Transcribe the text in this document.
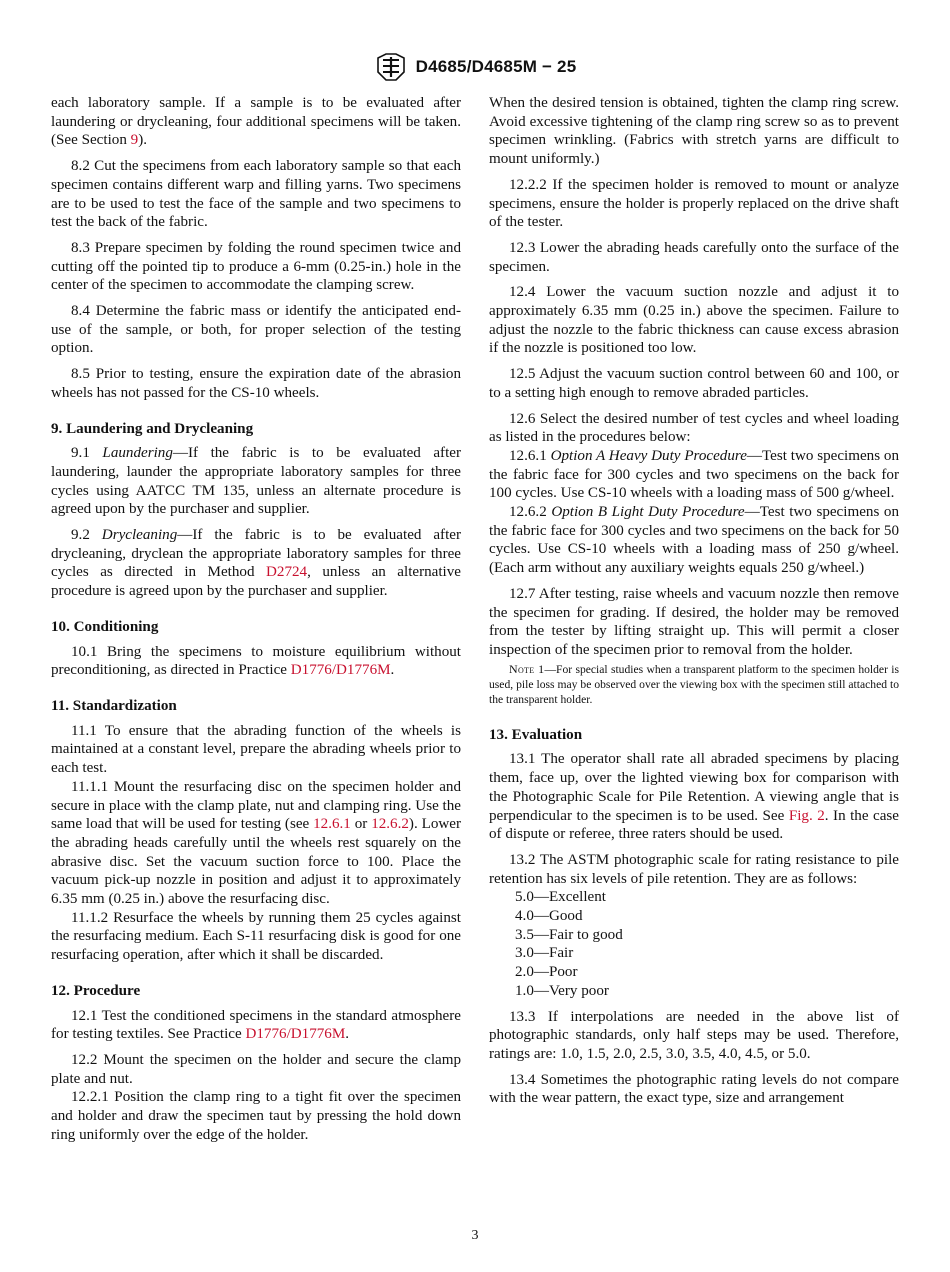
D4685/D4685M − 25

each laboratory sample. If a sample is to be evaluated after laundering or drycleaning, four additional specimens will be taken. (See Section 9).

8.2 Cut the specimens from each laboratory sample so that each specimen contains different warp and filling yarns. Two specimens are to be used to test the face of the sample and two specimens to test the back of the fabric.

8.3 Prepare specimen by folding the round specimen twice and cutting off the pointed tip to produce a 6-mm (0.25-in.) hole in the center of the specimen to accommodate the clamping screw.

8.4 Determine the fabric mass or identify the anticipated end-use of the sample, or both, for proper selection of the testing option.

8.5 Prior to testing, ensure the expiration date of the abrasion wheels has not passed for the CS-10 wheels.

9. Laundering and Drycleaning

9.1 Laundering—If the fabric is to be evaluated after laundering, launder the appropriate laboratory samples for three cycles using AATCC TM 135, unless an alternate procedure is agreed upon by the purchaser and supplier.

9.2 Drycleaning—If the fabric is to be evaluated after drycleaning, dryclean the appropriate laboratory samples for three cycles as directed in Method D2724, unless an alternative procedure is agreed upon by the purchaser and supplier.

10. Conditioning

10.1 Bring the specimens to moisture equilibrium without preconditioning, as directed in Practice D1776/D1776M.

11. Standardization

11.1 To ensure that the abrading function of the wheels is maintained at a constant level, prepare the abrading wheels prior to each test.

11.1.1 Mount the resurfacing disc on the specimen holder and secure in place with the clamp plate, nut and clamping ring. Use the same load that will be used for testing (see 12.6.1 or 12.6.2). Lower the abrading heads carefully until the wheels rest squarely on the abrasive disc. Set the vacuum suction force to 100. Place the vacuum pick-up nozzle in position and adjust it to approximately 6.35 mm (0.25 in.) above the resurfacing disc.

11.1.2 Resurface the wheels by running them 25 cycles against the resurfacing medium. Each S-11 resurfacing disk is good for one resurfacing operation, after which it shall be discarded.

12. Procedure

12.1 Test the conditioned specimens in the standard atmosphere for testing textiles. See Practice D1776/D1776M.

12.2 Mount the specimen on the holder and secure the clamp plate and nut.

12.2.1 Position the clamp ring to a tight fit over the specimen and holder and draw the specimen taut by pressing the hold down ring uniformly over the edge of the holder.

When the desired tension is obtained, tighten the clamp ring screw. Avoid excessive tightening of the clamp ring screw so as to prevent specimen wrinkling. (Fabrics with stretch yarns are difficult to mount uniformly.)

12.2.2 If the specimen holder is removed to mount or analyze specimens, ensure the holder is properly replaced on the drive shaft of the tester.

12.3 Lower the abrading heads carefully onto the surface of the specimen.

12.4 Lower the vacuum suction nozzle and adjust it to approximately 6.35 mm (0.25 in.) above the specimen. Failure to adjust the nozzle to the fabric thickness can cause excess abrasion if the nozzle is positioned too low.

12.5 Adjust the vacuum suction control between 60 and 100, or to a setting high enough to remove abraded particles.

12.6 Select the desired number of test cycles and wheel loading as listed in the procedures below:

12.6.1 Option A Heavy Duty Procedure—Test two specimens on the fabric face for 300 cycles and two specimens on the back for 100 cycles. Use CS-10 wheels with a loading mass of 500 g/wheel.

12.6.2 Option B Light Duty Procedure—Test two specimens on the fabric face for 300 cycles and two specimens on the back for 50 cycles. Use CS-10 wheels with a loading mass of 250 g/wheel. (Each arm without any auxiliary weights equals 250 g/wheel.)

12.7 After testing, raise wheels and vacuum nozzle then remove the specimen for grading. If desired, the holder may be removed from the tester by lifting straight up. This will permit a closer inspection of the specimen prior to removal from the holder.

Note 1—For special studies when a transparent platform to the specimen holder is used, pile loss may be observed over the viewing box with the specimen still attached to the transparent holder.

13. Evaluation

13.1 The operator shall rate all abraded specimens by placing them, face up, over the lighted viewing box for comparison with the Photographic Scale for Pile Retention. A viewing angle that is perpendicular to the specimen is to be used. See Fig. 2. In the case of dispute or referee, three raters should be used.

13.2 The ASTM photographic scale for rating resistance to pile retention has six levels of pile retention. They are as follows:

5.0—Excellent
4.0—Good
3.5—Fair to good
3.0—Fair
2.0—Poor
1.0—Very poor

13.3 If interpolations are needed in the above list of photographic standards, only half steps may be used. Therefore, ratings are: 1.0, 1.5, 2.0, 2.5, 3.0, 3.5, 4.0, 4.5, or 5.0.

13.4 Sometimes the photographic rating levels do not compare with the wear pattern, the exact type, size and arrangement

3
